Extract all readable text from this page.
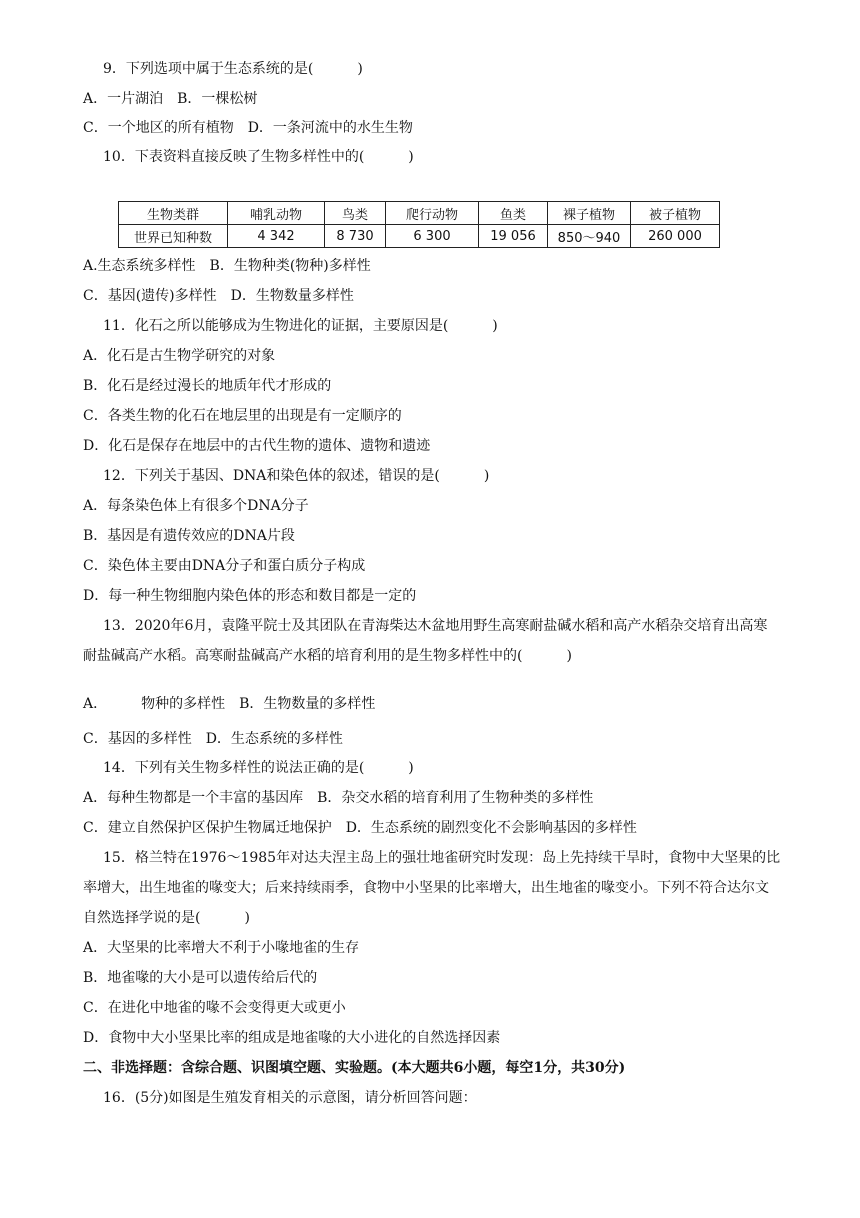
9．下列选项中属于生态系统的是(	)
A．一片湖泊　B．一棵松树
C．一个地区的所有植物　D．一条河流中的水生生物
10．下表资料直接反映了生物多样性中的(	)
生物类群	哺乳动物	鸟类	爬行动物	鱼类	裸子植物	被子植物
世界已知种数	4 342	8 730	6 300	19 056	850～940	260 000
A.生态系统多样性　B．生物种类(物种)多样性
C．基因(遗传)多样性　D．生物数量多样性
11．化石之所以能够成为生物进化的证据，主要原因是(	)
A．化石是古生物学研究的对象
B．化石是经过漫长的地质年代才形成的
C．各类生物的化石在地层里的出现是有一定顺序的
D．化石是保存在地层中的古代生物的遗体、遗物和遗迹
12．下列关于基因、DNA和染色体的叙述，错误的是(	)
A．每条染色体上有很多个DNA分子
B．基因是有遗传效应的DNA片段
C．染色体主要由DNA分子和蛋白质分子构成
D．每一种生物细胞内染色体的形态和数目都是一定的
13．2020年6月，袁隆平院士及其团队在青海柴达木盆地用野生高寒耐盐碱水稻和高产水稻杂交培育出高寒
耐盐碱高产水稻。高寒耐盐碱高产水稻的培育利用的是生物多样性中的(	)
A． 物种的多样性　B．生物数量的多样性
C．基因的多样性　D．生态系统的多样性
14．下列有关生物多样性的说法正确的是(	)
A．每种生物都是一个丰富的基因库　B．杂交水稻的培育利用了生物种类的多样性
C．建立自然保护区保护生物属迁地保护　D．生态系统的剧烈变化不会影响基因的多样性
15．格兰特在1976～1985年对达夫涅主岛上的强壮地雀研究时发现：岛上先持续干旱时，食物中大坚果的比
率增大，出生地雀的喙变大；后来持续雨季，食物中小坚果的比率增大，出生地雀的喙变小。下列不符合达尔文
自然选择学说的是(	)
A．大坚果的比率增大不利于小喙地雀的生存
B．地雀喙的大小是可以遗传给后代的
C．在进化中地雀的喙不会变得更大或更小
D．食物中大小坚果比率的组成是地雀喙的大小进化的自然选择因素
二、非选择题：含综合题、识图填空题、实验题。(本大题共6小题，每空1分，共30分)
16．(5分)如图是生殖发育相关的示意图，请分析回答问题：
